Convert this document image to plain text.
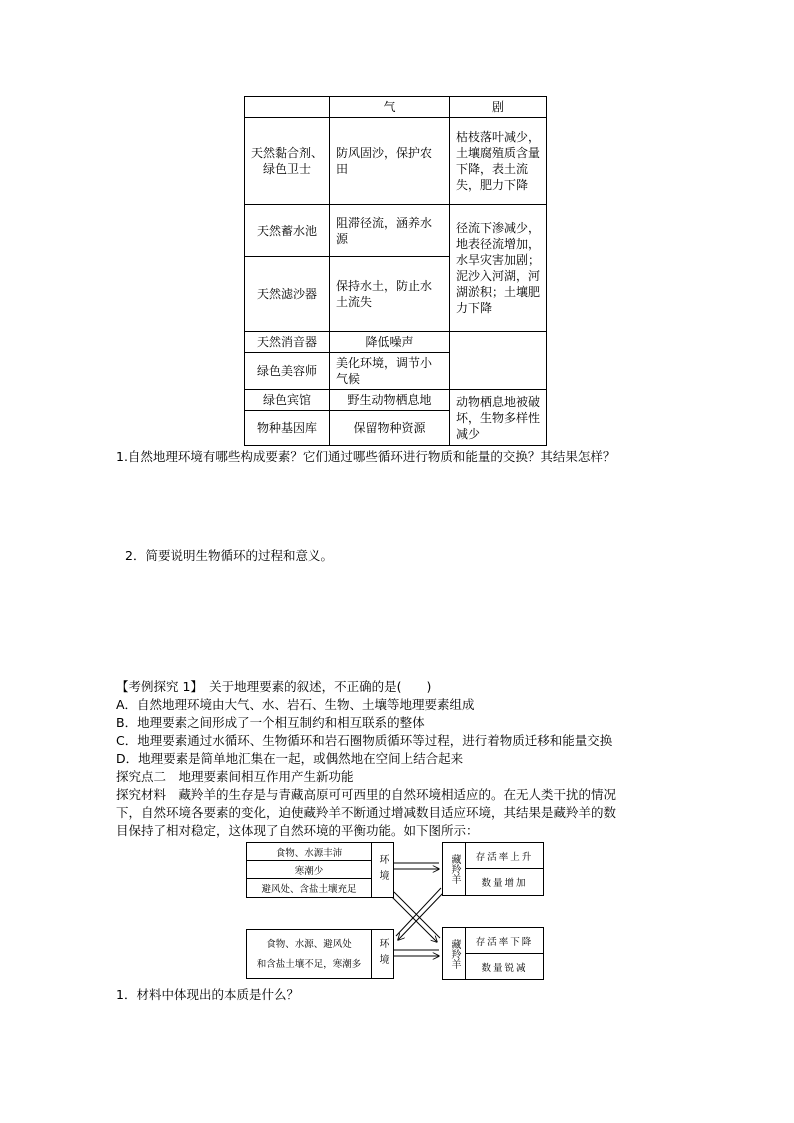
	气	剧
天然黏合剂、绿色卫士	防风固沙，保护农田	枯枝落叶减少，土壤腐殖质含量下降，表土流失，肥力下降
天然蓄水池	阻滞径流，涵养水源	径流下渗减少，地表径流增加，水旱灾害加剧；泥沙入河湖，河湖淤积；土壤肥力下降
天然滤沙器	保持水土，防止水土流失	
天然消音器	降低噪声	
绿色美容师	美化环境，调节小气候	
绿色宾馆	野生动物栖息地	动物栖息地被破坏，生物多样性减少
物种基因库	保留物种资源	
1.自然地理环境有哪些构成要素？它们通过哪些循环进行物质和能量的交换？其结果怎样？
2．简要说明生物循环的过程和意义。
【考例探究 1】　关于地理要素的叙述，不正确的是(　　)
A．自然地理环境由大气、水、岩石、生物、土壤等地理要素组成
B．地理要素之间形成了一个相互制约和相互联系的整体
C．地理要素通过水循环、生物循环和岩石圈物质循环等过程，进行着物质迁移和能量交换
D．地理要素是简单地汇集在一起，或偶然地在空间上结合起来
探究点二　地理要素间相互作用产生新功能
探究材料　藏羚羊的生存是与青藏高原可可西里的自然环境相适应的。在无人类干扰的情况
下，自然环境各要素的变化，迫使藏羚羊不断通过增减数目适应环境，其结果是藏羚羊的数
目保持了相对稳定，这体现了自然环境的平衡功能。如下图所示：
食物、水源丰沛
寒潮少
避风处、含盐土壤充足
环境
食物、水源、避风处
和含盐土壤不足，寒潮多	环境
藏羚羊	存活率上升
数量增加
藏羚羊	存活率下降
数量锐减
1．材料中体现出的本质是什么？
